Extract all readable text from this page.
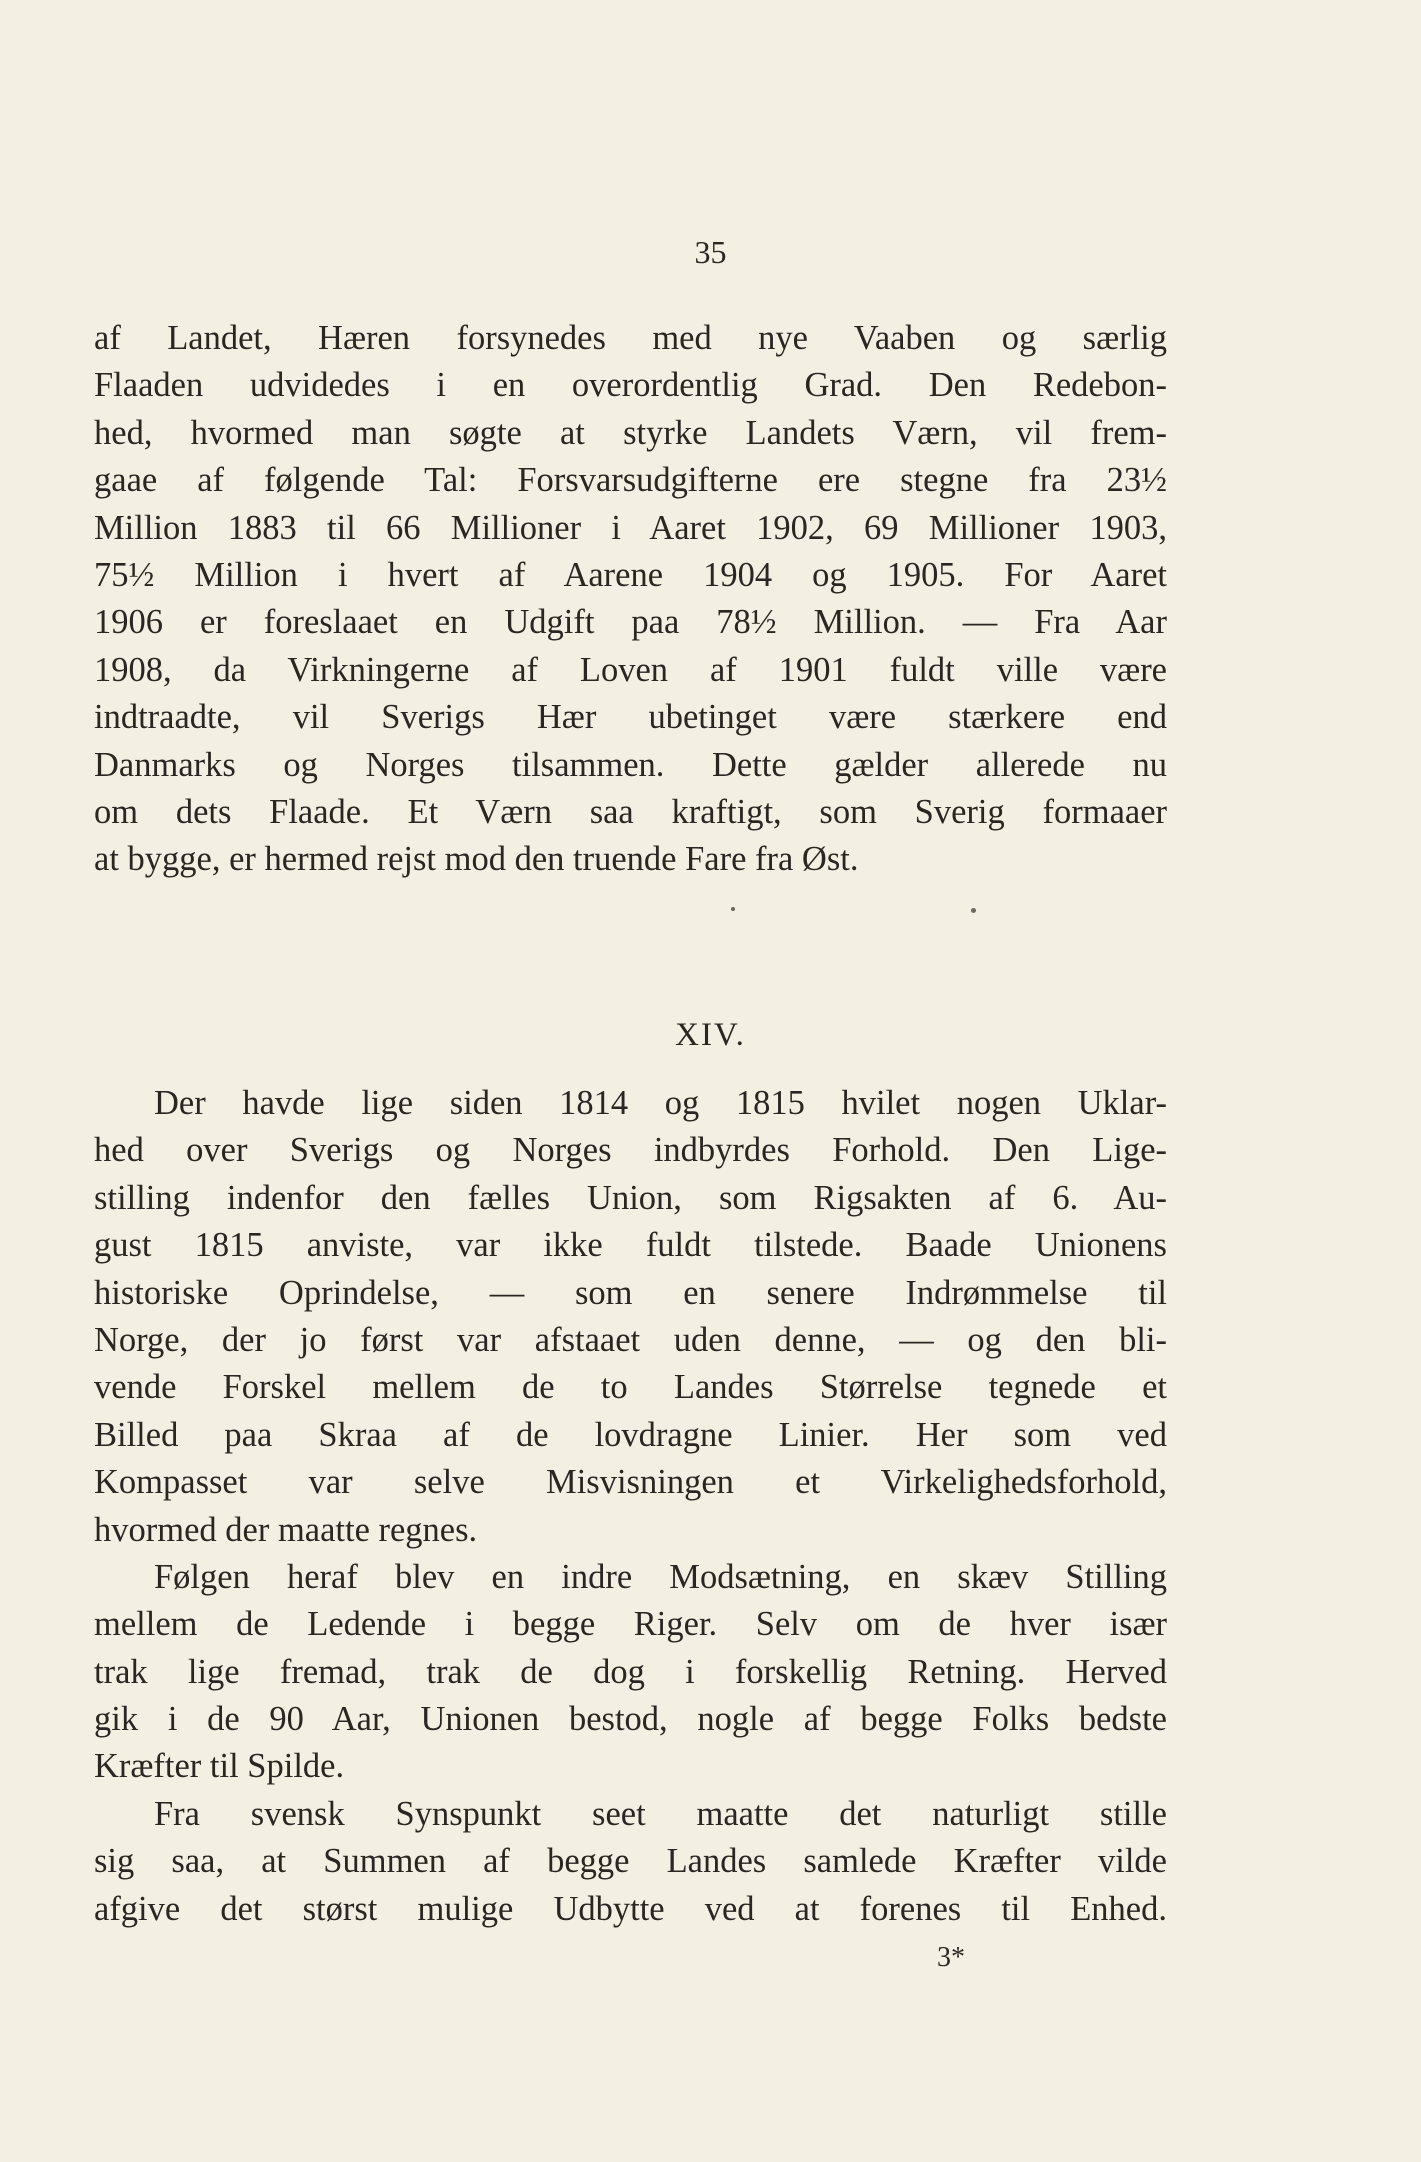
35
af Landet, Hæren forsynedes med nye Vaaben og særlig
Flaaden udvidedes i en overordentlig Grad. Den Redebon-
hed, hvormed man søgte at styrke Landets Værn, vil frem-
gaae af følgende Tal: Forsvarsudgifterne ere stegne fra 23½
Million 1883 til 66 Millioner i Aaret 1902, 69 Millioner 1903,
75½ Million i hvert af Aarene 1904 og 1905. For Aaret
1906 er foreslaaet en Udgift paa 78½ Million. — Fra Aar
1908, da Virkningerne af Loven af 1901 fuldt ville være
indtraadte, vil Sverigs Hær ubetinget være stærkere end
Danmarks og Norges tilsammen. Dette gælder allerede nu
om dets Flaade. Et Værn saa kraftigt, som Sverig formaaer
at bygge, er hermed rejst mod den truende Fare fra Øst.
XIV.
Der havde lige siden 1814 og 1815 hvilet nogen Uklar-
hed over Sverigs og Norges indbyrdes Forhold. Den Lige-
stilling indenfor den fælles Union, som Rigsakten af 6. Au-
gust 1815 anviste, var ikke fuldt tilstede. Baade Unionens
historiske Oprindelse, — som en senere Indrømmelse til
Norge, der jo først var afstaaet uden denne, — og den bli-
vende Forskel mellem de to Landes Størrelse tegnede et
Billed paa Skraa af de lovdragne Linier. Her som ved
Kompasset var selve Misvisningen et Virkelighedsforhold,
hvormed der maatte regnes.
Følgen heraf blev en indre Modsætning, en skæv Stilling
mellem de Ledende i begge Riger. Selv om de hver især
trak lige fremad, trak de dog i forskellig Retning. Herved
gik i de 90 Aar, Unionen bestod, nogle af begge Folks bedste
Kræfter til Spilde.
Fra svensk Synspunkt seet maatte det naturligt stille
sig saa, at Summen af begge Landes samlede Kræfter vilde
afgive det størst mulige Udbytte ved at forenes til Enhed.
3*
